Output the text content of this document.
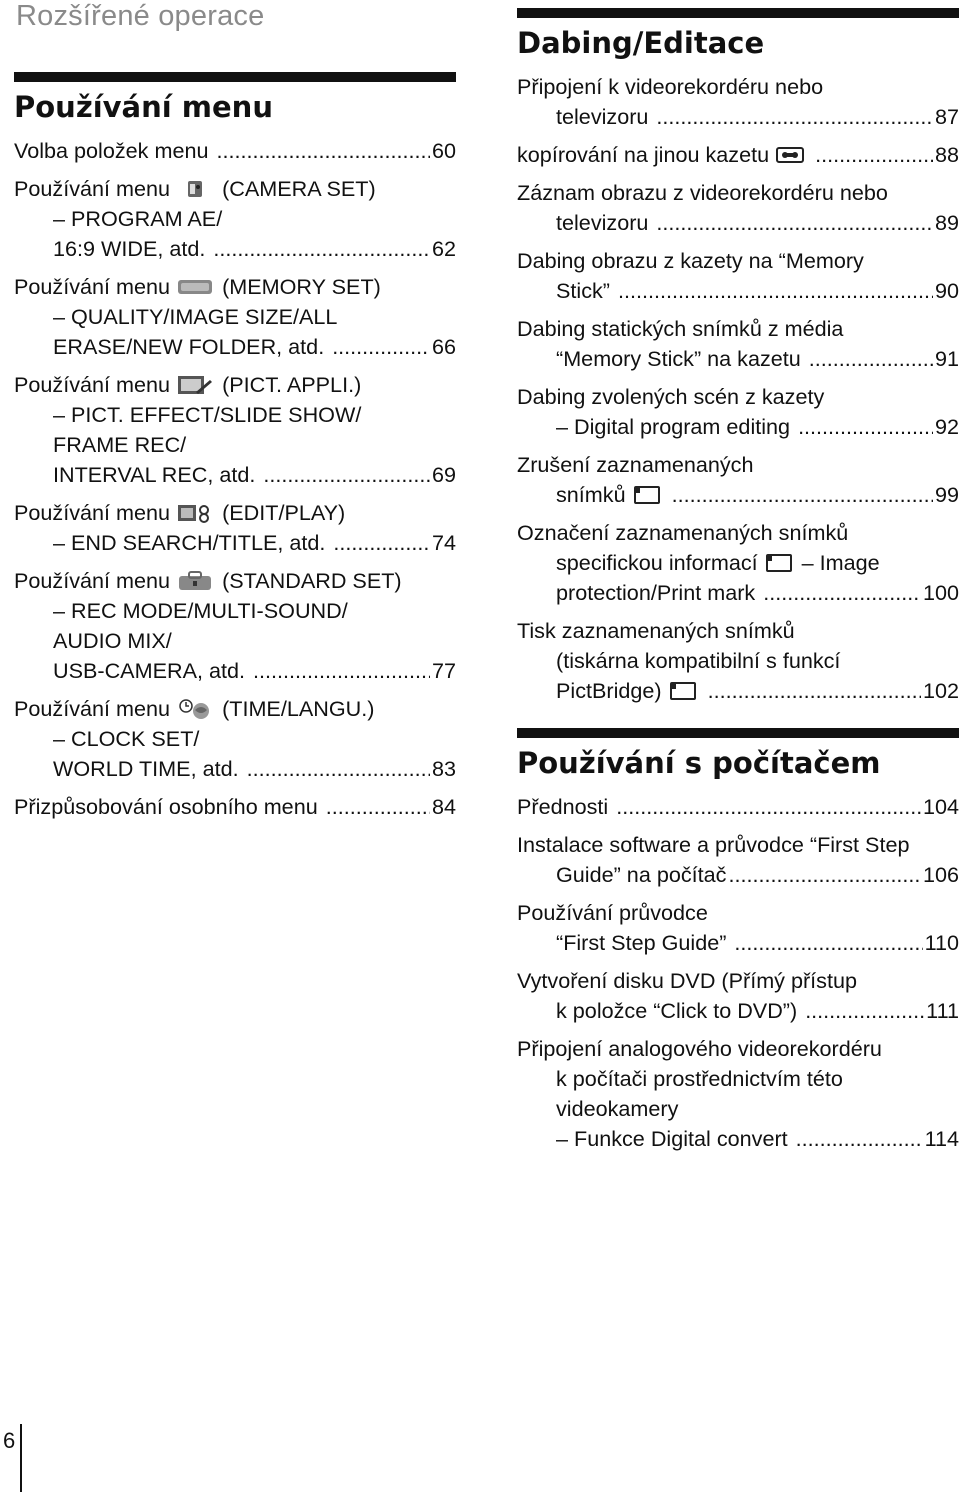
Rozšířené operace
Používání menu
Volba položek menu .....	60
Používání menu (CAMERA SET)
– PROGRAM AE/
16:9 WIDE, atd. .....	62
Používání menu (MEMORY SET)
– QUALITY/IMAGE SIZE/ALL
ERASE/NEW FOLDER, atd. .....	66
Používání menu (PICT. APPLI.)
– PICT. EFFECT/SLIDE SHOW/
FRAME REC/
INTERVAL REC, atd. .....	69
Používání menu (EDIT/PLAY)
– END SEARCH/TITLE, atd. .....	74
Používání menu (STANDARD SET)
– REC MODE/MULTI-SOUND/
AUDIO MIX/
USB-CAMERA, atd. .....	77
Používání menu (TIME/LANGU.)
– CLOCK SET/
WORLD TIME, atd. .....	83
Přizpůsobování osobního menu .....	84
Dabing/Editace
Připojení k videorekordéru nebo
televizoru .....	87
kopírování na jinou kazetu .....	88
Záznam obrazu z videorekordéru nebo
televizoru .....	89
Dabing obrazu z kazety na “Memory
Stick” .....	90
Dabing statických snímků z média
“Memory Stick” na kazetu .....	91
Dabing zvolených scén z kazety
– Digital program editing .....	92
Zrušení zaznamenaných
snímků .....	99
Označení zaznamenaných snímků
specifickou informací – Image
protection/Print mark .....	100
Tisk zaznamenaných snímků
(tiskárna kompatibilní s funkcí
PictBridge) .....	102
Používání s počítačem
Přednosti .....	104
Instalace software a průvodce “First Step
Guide” na počítač .....	106
Používání průvodce
“First Step Guide” .....	110
Vytvoření disku DVD (Přímý přístup
k položce “Click to DVD”) .....	111
Připojení analogového videorekordéru
k počítači prostřednictvím této
videokamery
– Funkce Digital convert .....	114
6
